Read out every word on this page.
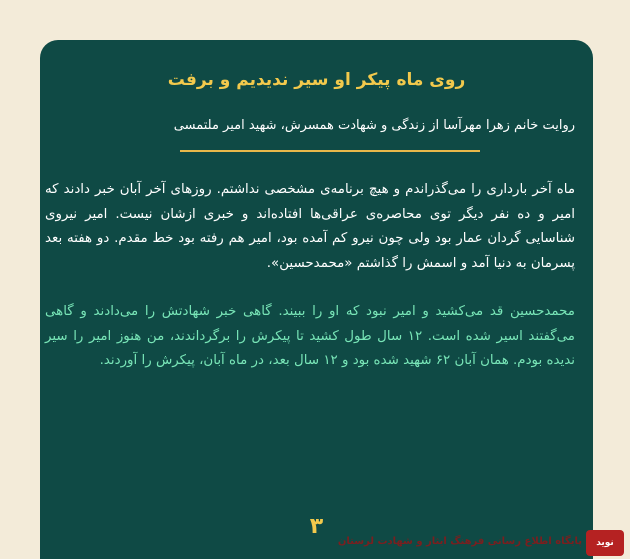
روی ماه پیکر او سیر ندیدیم و برفت
روایت خانم زهرا مهرآسا از زندگی و شهادت همسرش، شهید امیر ملتمسی

ماه آخر بارداری را می‌گذراندم و هیچ برنامه‌ی مشخصی نداشتم. روزهای آخر آبان خبر دادند که امیر و ده نفر دیگر توی محاصره‌ی عراقی‌ها افتاده‌اند و خبری ازشان نیست. امیر نیروی شناسایی گردان عمار بود ولی چون نیرو کم آمده بود، امیر هم رفته بود خط مقدم. دو هفته بعد پسرمان به دنیا آمد و اسمش را گذاشتم «محمدحسین».

محمدحسین قد می‌کشید و امیر نبود که او را ببیند. گاهی خبر شهادتش را می‌دادند و گاهی می‌گفتند اسیر شده است. ۱۲ سال طول کشید تا پیکرش را برگرداندند، من هنوز امیر را سیر ندیده بودم. همان آبان ۶۲ شهید شده بود و ۱۲ سال بعد، در ماه آبان، پیکرش را آوردند.

۳
پایگاه اطلاع رسانی فرهنگ ایثار و شهادت لرستان	نوید
